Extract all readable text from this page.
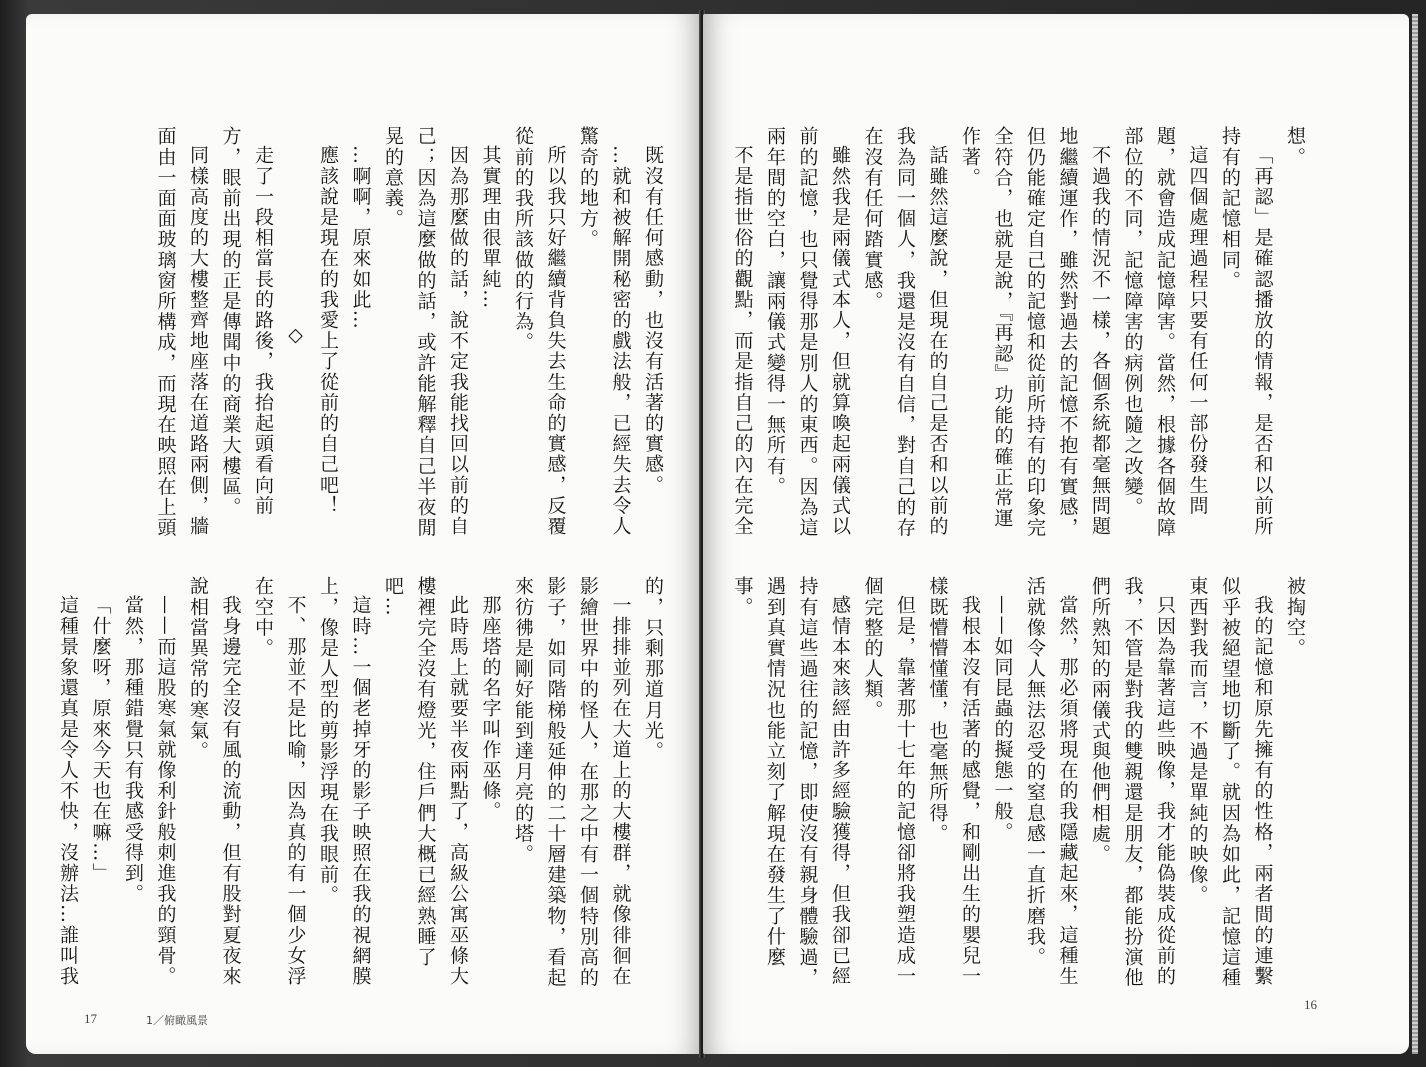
既沒有任何感動，也沒有活著的實感。

…就和被解開秘密的戲法般，已經失去令人驚奇的地方。

所以我只好繼續背負失去生命的實感，反覆從前的我所該做的行為。

其實理由很單純…

因為那麼做的話，說不定我能找回以前的自己；因為這麼做的話，或許能解釋自己半夜閒晃的意義。

…啊啊，原來如此…

應該說是現在的我愛上了從前的自己吧！

◇

走了一段相當長的路後，我抬起頭看向前方，眼前出現的正是傳聞中的商業大樓區。

同樣高度的大樓整齊地座落在道路兩側，牆面由一面面玻璃窗所構成，而現在映照在上頭

的，只剩那道月光。

一排排並列在大道上的大樓群，就像徘徊在影繪世界中的怪人，在那之中有一個特別高的影子，如同階梯般延伸的二十層建築物，看起來彷彿是剛好能到達月亮的塔。

那座塔的名字叫作巫條。

此時馬上就要半夜兩點了，高級公寓巫條大樓裡完全沒有燈光，住戶們大概已經熟睡了吧…

這時…一個老掉牙的影子映照在我的視網膜上，像是人型的剪影浮現在我眼前。

不、那並不是比喻，因為真的有一個少女浮在空中。

我身邊完全沒有風的流動，但有股對夏夜來說相當異常的寒氣。

——而這股寒氣就像利針般刺進我的頸骨。

當然，那種錯覺只有我感受得到。

「什麼呀，原來今天也在嘛…」

這種景象還真是令人不快，沒辦法…誰叫我

17	1／俯瞰風景

想。

「再認」是確認播放的情報，是否和以前所持有的記憶相同。

這四個處理過程只要有任何一部份發生問題，就會造成記憶障害。當然，根據各個故障部位的不同，記憶障害的病例也隨之改變。

不過我的情況不一樣，各個系統都毫無問題地繼續運作，雖然對過去的記憶不抱有實感，但仍能確定自己的記憶和從前所持有的印象完全符合，也就是說，『再認』功能的確正常運作著。

話雖然這麼說，但現在的自己是否和以前的我為同一個人，我還是沒有自信，對自己的存在沒有任何踏實感。

雖然我是兩儀式本人，但就算喚起兩儀式以前的記憶，也只覺得那是別人的東西。因為這兩年間的空白，讓兩儀式變得一無所有。

不是指世俗的觀點，而是指自己的內在完全

被掏空。

我的記憶和原先擁有的性格，兩者間的連繫似乎被絕望地切斷了。就因為如此，記憶這種東西對我而言，不過是單純的映像。

只因為靠著這些映像，我才能偽裝成從前的我，不管是對我的雙親還是朋友，都能扮演他們所熟知的兩儀式與他們相處。

當然，那必須將現在的我隱藏起來，這種生活就像令人無法忍受的窒息感一直折磨我。

——如同昆蟲的擬態一般。

我根本沒有活著的感覺，和剛出生的嬰兒一樣既懵懵懂懂，也毫無所得。

但是，靠著那十七年的記憶卻將我塑造成一個完整的人類。

感情本來該經由許多經驗獲得，但我卻已經持有這些過往的記憶，即使沒有親身體驗過，遇到真實情況也能立刻了解現在發生了什麼事。

16
